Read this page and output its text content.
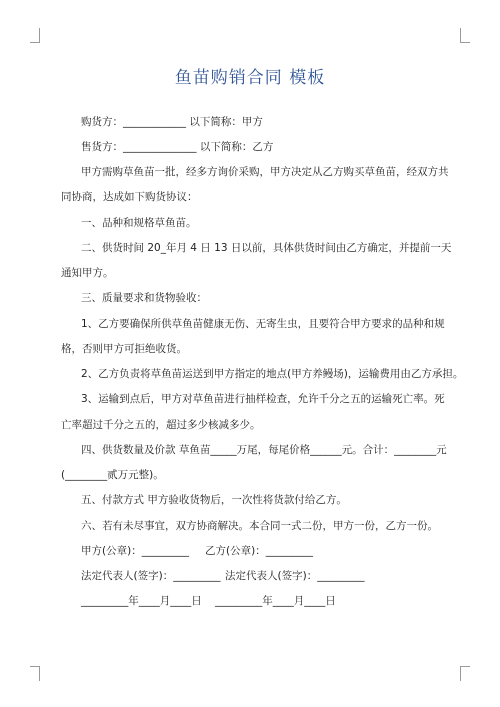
鱼苗购销合同 模板
购货方：____________ 以下简称：甲方
售货方：______________ 以下简称：乙方
甲方需购草鱼苗一批，经多方询价采购，甲方决定从乙方购买草鱼苗，经双方共
同协商，达成如下购货协议：
一、品种和规格草鱼苗。
二、供货时间 20_年月 4 日 13 日以前，具体供货时间由乙方确定，并提前一天
通知甲方。
三、质量要求和货物验收：
1、乙方要确保所供草鱼苗健康无伤、无寄生虫，且要符合甲方要求的品种和规
格，否则甲方可拒绝收货。
2、乙方负责将草鱼苗运送到甲方指定的地点(甲方养鳗场)，运输费用由乙方承担。
3、运输到点后，甲方对草鱼苗进行抽样检查，允许千分之五的运输死亡率。死
亡率超过千分之五的，超过多少核减多少。
四、供货数量及价款 草鱼苗_____万尾，每尾价格______元。合计：________元
(________贰万元整)。
五、付款方式 甲方验收货物后，一次性将货款付给乙方。
六、若有未尽事宜，双方协商解决。本合同一式二份，甲方一份，乙方一份。
甲方(公章)：_________ 乙方(公章)：_________
法定代表人(签字)：_________ 法定代表人(签字)：_________
_________年____月____日 _________年____月____日
